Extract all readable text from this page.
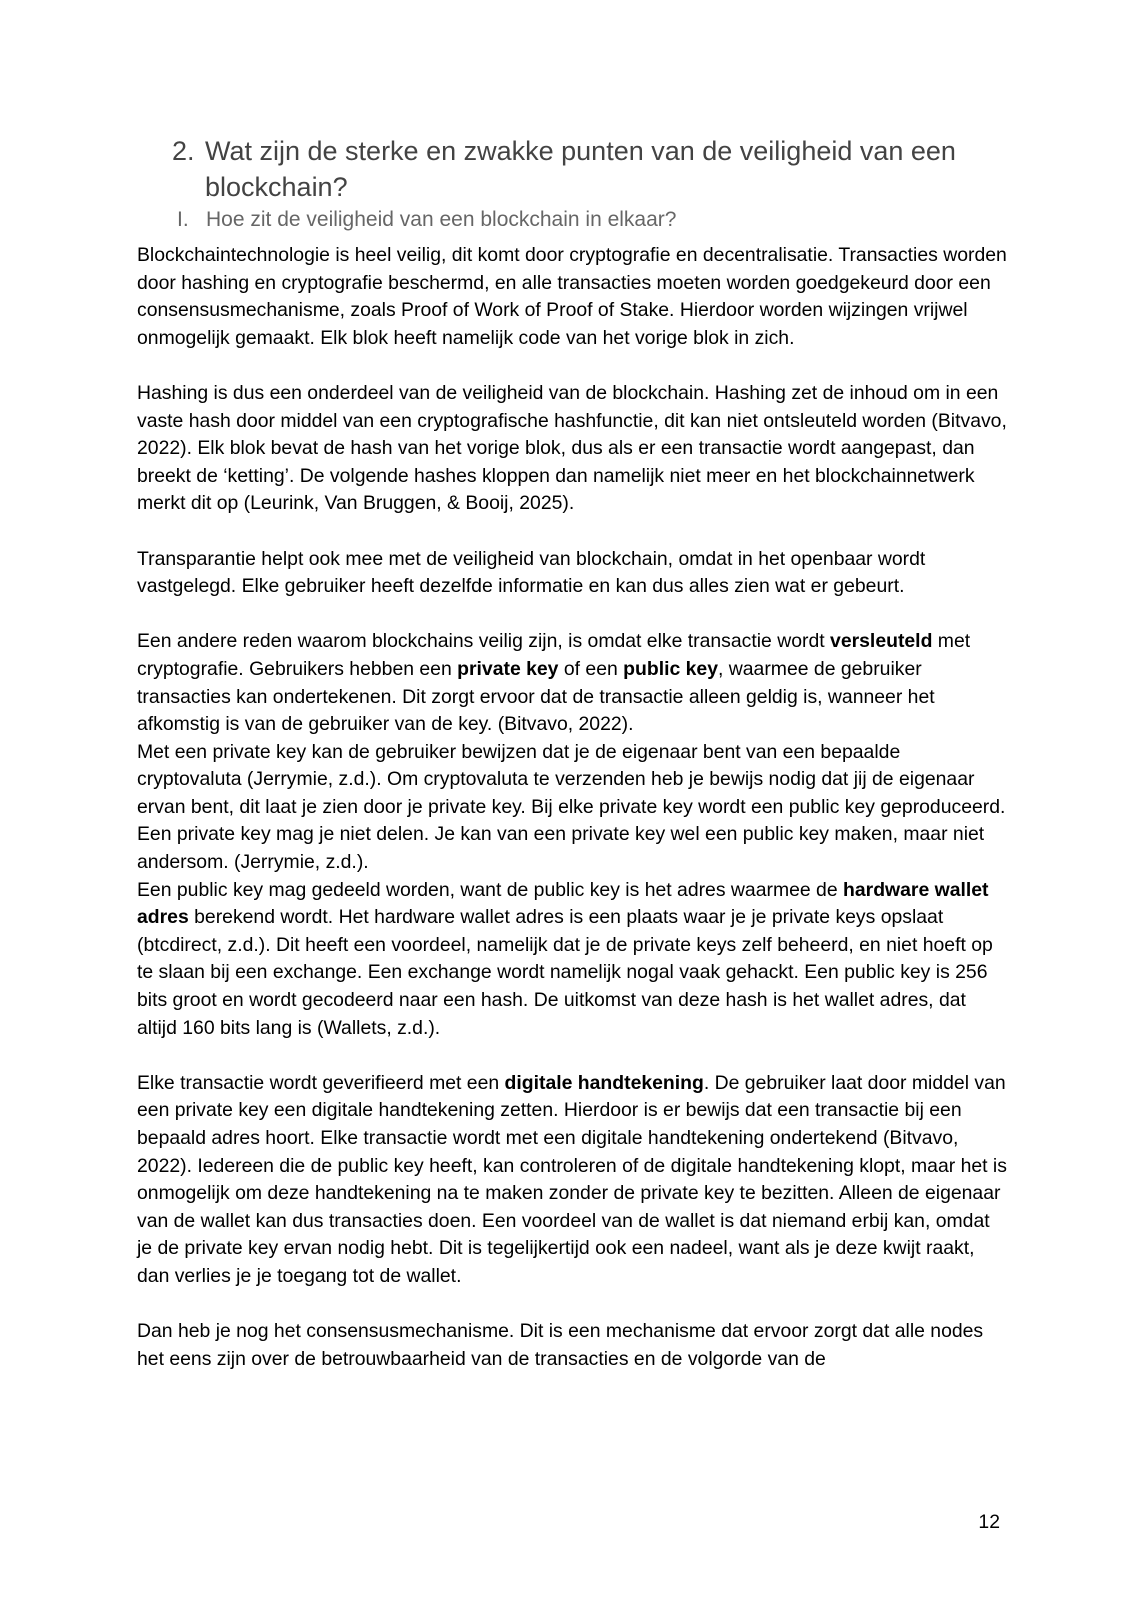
2. Wat zijn de sterke en zwakke punten van de veiligheid van een blockchain?
I. Hoe zit de veiligheid van een blockchain in elkaar?

Blockchaintechnologie is heel veilig, dit komt door cryptografie en decentralisatie. Transacties worden door hashing en cryptografie beschermd, en alle transacties moeten worden goedgekeurd door een consensusmechanisme, zoals Proof of Work of Proof of Stake. Hierdoor worden wijzingen vrijwel onmogelijk gemaakt. Elk blok heeft namelijk code van het vorige blok in zich.

Hashing is dus een onderdeel van de veiligheid van de blockchain. Hashing zet de inhoud om in een vaste hash door middel van een cryptografische hashfunctie, dit kan niet ontsleuteld worden (Bitvavo, 2022). Elk blok bevat de hash van het vorige blok, dus als er een transactie wordt aangepast, dan breekt de ‘ketting’. De volgende hashes kloppen dan namelijk niet meer en het blockchainnetwerk merkt dit op (Leurink, Van Bruggen, & Booij, 2025).

Transparantie helpt ook mee met de veiligheid van blockchain, omdat in het openbaar wordt vastgelegd. Elke gebruiker heeft dezelfde informatie en kan dus alles zien wat er gebeurt.

Een andere reden waarom blockchains veilig zijn, is omdat elke transactie wordt versleuteld met cryptografie. Gebruikers hebben een private key of een public key, waarmee de gebruiker transacties kan ondertekenen. Dit zorgt ervoor dat de transactie alleen geldig is, wanneer het afkomstig is van de gebruiker van de key. (Bitvavo, 2022).

Met een private key kan de gebruiker bewijzen dat je de eigenaar bent van een bepaalde cryptovaluta (Jerrymie, z.d.). Om cryptovaluta te verzenden heb je bewijs nodig dat jij de eigenaar ervan bent, dit laat je zien door je private key. Bij elke private key wordt een public key geproduceerd. Een private key mag je niet delen. Je kan van een private key wel een public key maken, maar niet andersom. (Jerrymie, z.d.).

Een public key mag gedeeld worden, want de public key is het adres waarmee de hardware wallet adres berekend wordt. Het hardware wallet adres is een plaats waar je je private keys opslaat (btcdirect, z.d.). Dit heeft een voordeel, namelijk dat je de private keys zelf beheerd, en niet hoeft op te slaan bij een exchange. Een exchange wordt namelijk nogal vaak gehackt. Een public key is 256 bits groot en wordt gecodeerd naar een hash. De uitkomst van deze hash is het wallet adres, dat altijd 160 bits lang is (Wallets, z.d.).

Elke transactie wordt geverifieerd met een digitale handtekening. De gebruiker laat door middel van een private key een digitale handtekening zetten. Hierdoor is er bewijs dat een transactie bij een bepaald adres hoort. Elke transactie wordt met een digitale handtekening ondertekend (Bitvavo, 2022). Iedereen die de public key heeft, kan controleren of de digitale handtekening klopt, maar het is onmogelijk om deze handtekening na te maken zonder de private key te bezitten. Alleen de eigenaar van de wallet kan dus transacties doen. Een voordeel van de wallet is dat niemand erbij kan, omdat je de private key ervan nodig hebt. Dit is tegelijkertijd ook een nadeel, want als je deze kwijt raakt, dan verlies je je toegang tot de wallet.

Dan heb je nog het consensusmechanisme. Dit is een mechanisme dat ervoor zorgt dat alle nodes het eens zijn over de betrouwbaarheid van de transacties en de volgorde van de

12
